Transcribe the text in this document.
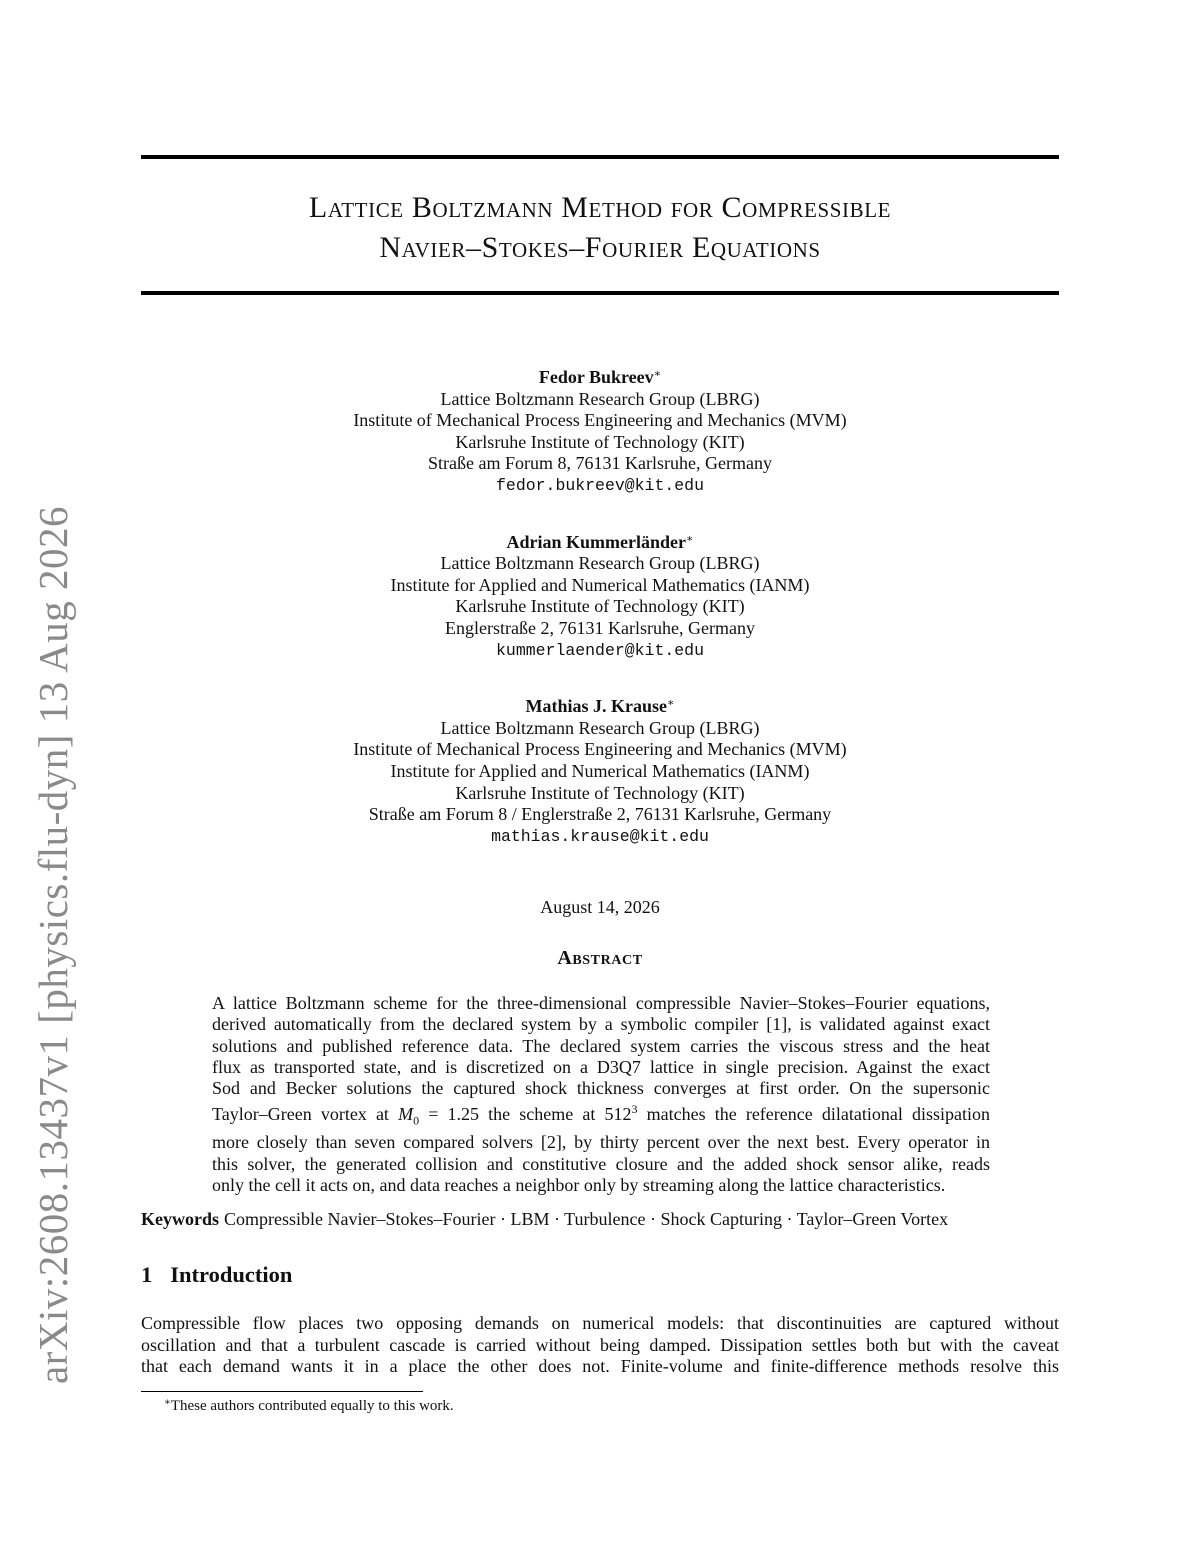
arXiv:2608.13437v1 [physics.flu-dyn] 13 Aug 2026
Lattice Boltzmann Method for Compressible
Navier–Stokes–Fourier Equations
Fedor Bukreev∗
Lattice Boltzmann Research Group (LBRG)
Institute of Mechanical Process Engineering and Mechanics (MVM)
Karlsruhe Institute of Technology (KIT)
Straße am Forum 8, 76131 Karlsruhe, Germany
fedor.bukreev@kit.edu
Adrian Kummerländer∗
Lattice Boltzmann Research Group (LBRG)
Institute for Applied and Numerical Mathematics (IANM)
Karlsruhe Institute of Technology (KIT)
Englerstraße 2, 76131 Karlsruhe, Germany
kummerlaender@kit.edu
Mathias J. Krause∗
Lattice Boltzmann Research Group (LBRG)
Institute of Mechanical Process Engineering and Mechanics (MVM)
Institute for Applied and Numerical Mathematics (IANM)
Karlsruhe Institute of Technology (KIT)
Straße am Forum 8 / Englerstraße 2, 76131 Karlsruhe, Germany
mathias.krause@kit.edu
August 14, 2026
Abstract
A lattice Boltzmann scheme for the three-dimensional compressible Navier–Stokes–Fourier equations,
derived automatically from the declared system by a symbolic compiler [1], is validated against exact
solutions and published reference data. The declared system carries the viscous stress and the heat
flux as transported state, and is discretized on a D3Q7 lattice in single precision. Against the exact
Sod and Becker solutions the captured shock thickness converges at first order. On the supersonic
Taylor–Green vortex at $M_0 = 1.25$ the scheme at $512^3$ matches the reference dilatational dissipation
more closely than seven compared solvers [2], by thirty percent over the next best. Every operator in
this solver, the generated collision and constitutive closure and the added shock sensor alike, reads
only the cell it acts on, and data reaches a neighbor only by streaming along the lattice characteristics.
Keywords Compressible Navier–Stokes–Fourier · LBM · Turbulence · Shock Capturing · Taylor–Green Vortex
1 Introduction
Compressible flow places two opposing demands on numerical models: that discontinuities are captured without
oscillation and that a turbulent cascade is carried without being damped. Dissipation settles both but with the caveat
that each demand wants it in a place the other does not. Finite-volume and finite-difference methods resolve this
∗These authors contributed equally to this work.
